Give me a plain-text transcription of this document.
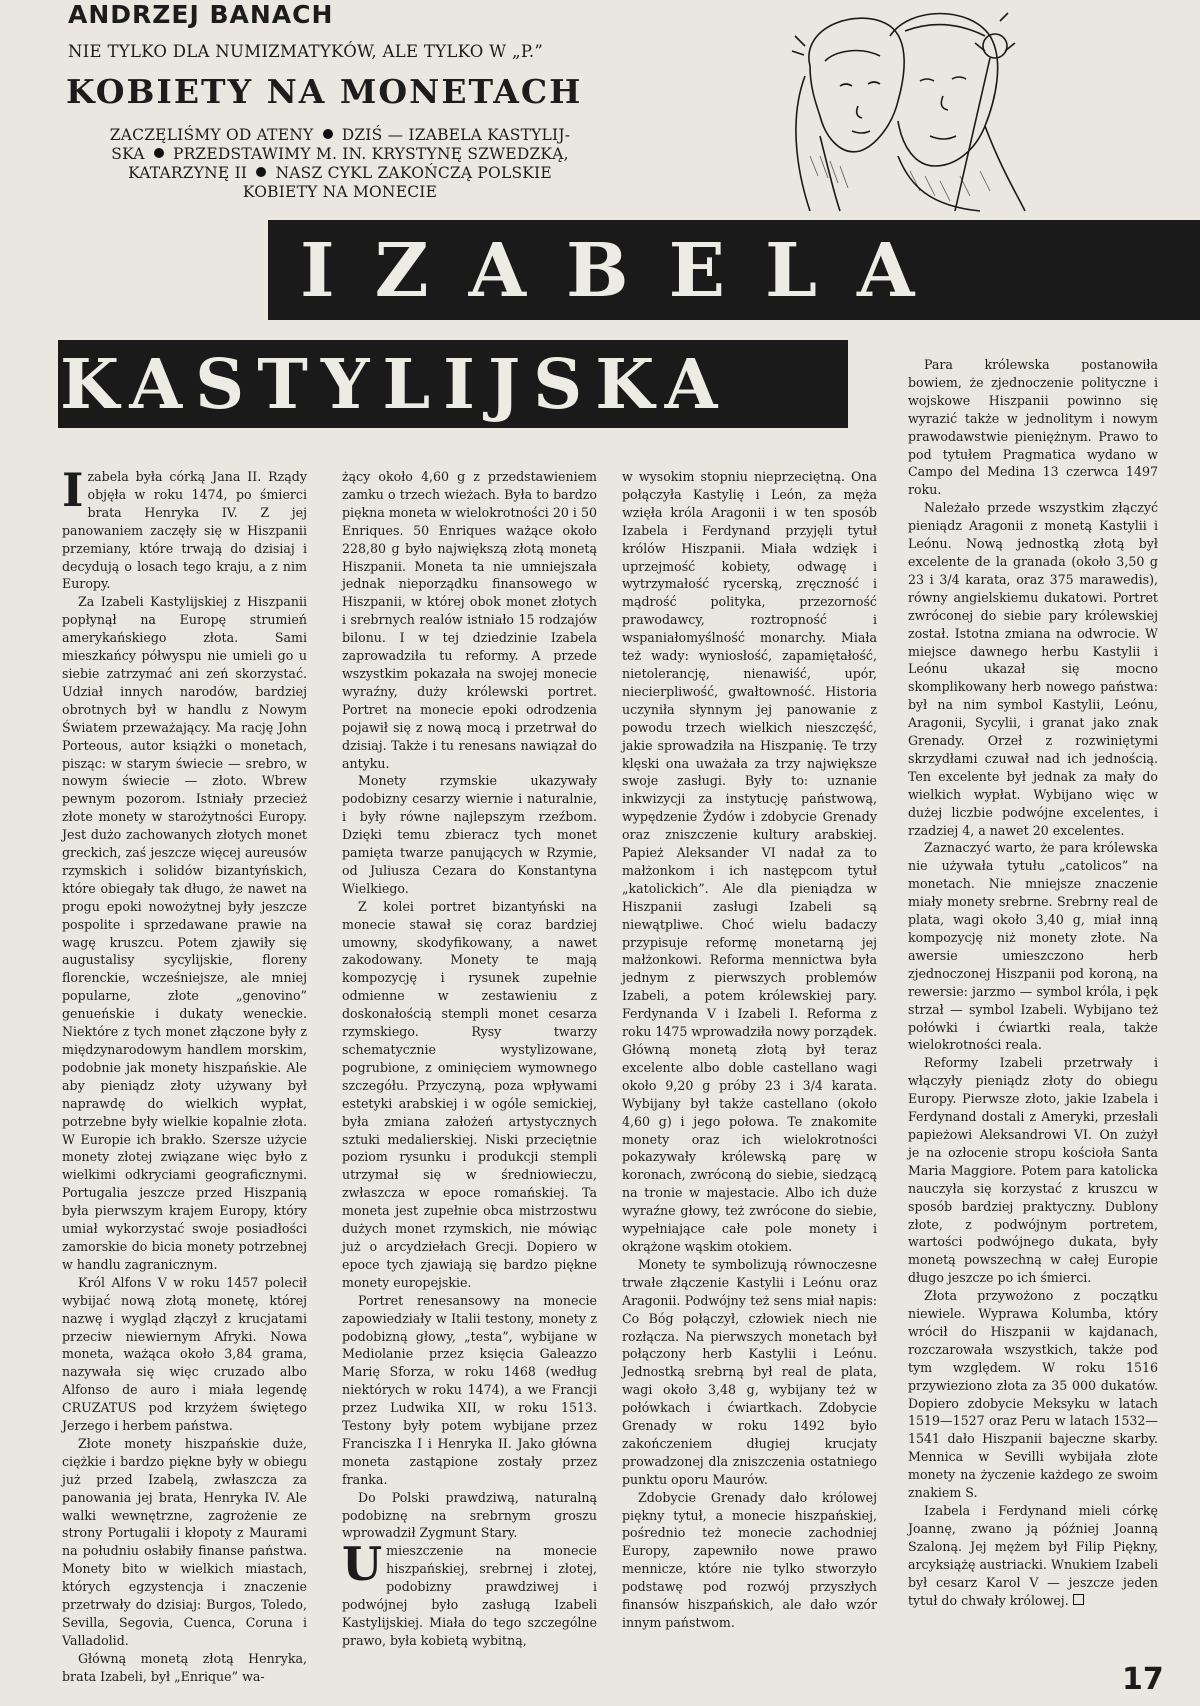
ANDRZEJ BANACH
NIE TYLKO DLA NUMIZMATYKÓW, ALE TYLKO W „P.”
KOBIETY NA MONETACH
ZACZĘLIŚMY OD ATENY DZIŚ — IZABELA KASTYLIJ-
SKA PRZEDSTAWIMY M. IN. KRYSTYNĘ SZWEDZKĄ,
KATARZYNĘ II NASZ CYKL ZAKOŃCZĄ POLSKIE
KOBIETY NA MONECIE
IZABELA
KASTYLIJSKA

Izabela była córką Jana II. Rządy objęła w roku 1474, po śmierci brata Henryka IV. Z jej panowaniem zaczęły się w Hiszpanii przemiany, które trwają do dzisiaj i decydują o losach tego kraju, a z nim Europy.

Za Izabeli Kastylijskiej z Hiszpanii popłynął na Europę strumień amerykańskiego złota. Sami mieszkańcy półwyspu nie umieli go u siebie zatrzymać ani zeń skorzystać. Udział innych narodów, bardziej obrotnych był w handlu z Nowym Światem przeważający. Ma rację John Porteous, autor książki o monetach, pisząc: w starym świecie — srebro, w nowym świecie — złoto. Wbrew pewnym pozorom. Istniały przecież złote monety w starożytności Europy. Jest dużo zachowanych złotych monet greckich, zaś jeszcze więcej aureusów rzymskich i solidów bizantyńskich, które obiegały tak długo, że nawet na progu epoki nowożytnej były jeszcze pospolite i sprzedawane prawie na wagę kruszcu. Potem zjawiły się augustalisy sycylijskie, floreny florenckie, wcześniejsze, ale mniej popularne, złote „genovino” genueńskie i dukaty weneckie. Niektóre z tych monet złączone były z międzynarodowym handlem morskim, podobnie jak monety hiszpańskie. Ale aby pieniądz złoty używany był naprawdę do wielkich wypłat, potrzebne były wielkie kopalnie złota. W Europie ich brakło. Szersze użycie monety złotej związane więc było z wielkimi odkryciami geograficznymi. Portugalia jeszcze przed Hiszpanią była pierwszym krajem Europy, który umiał wykorzystać swoje posiadłości zamorskie do bicia monety potrzebnej w handlu zagranicznym.

Król Alfons V w roku 1457 polecił wybijać nową złotą monetę, której nazwę i wygląd złączył z krucjatami przeciw niewiernym Afryki. Nowa moneta, ważąca około 3,84 grama, nazywała się więc cruzado albo Alfonso de auro i miała legendę CRUZATUS pod krzyżem świętego Jerzego i herbem państwa.

Złote monety hiszpańskie duże, ciężkie i bardzo piękne były w obiegu już przed Izabelą, zwłaszcza za panowania jej brata, Henryka IV. Ale walki wewnętrzne, zagrożenie ze strony Portugalii i kłopoty z Maurami na południu osłabiły finanse państwa. Monety bito w wielkich miastach, których egzystencja i znaczenie przetrwały do dzisiaj: Burgos, Toledo, Sevilla, Segovia, Cuenca, Coruna i Valladolid.

Główną monetą złotą Henryka, brata Izabeli, był „Enrique” wa-

żący około 4,60 g z przedstawieniem zamku o trzech wieżach. Była to bardzo piękna moneta w wielokrotności 20 i 50 Enriques. 50 Enriques ważące około 228,80 g było największą złotą monetą Hiszpanii. Moneta ta nie umniejszała jednak nieporządku finansowego w Hiszpanii, w której obok monet złotych i srebrnych realów istniało 15 rodzajów bilonu. I w tej dziedzinie Izabela zaprowadziła tu reformy. A przede wszystkim pokazała na swojej monecie wyraźny, duży królewski portret. Portret na monecie epoki odrodzenia pojawił się z nową mocą i przetrwał do dzisiaj. Także i tu renesans nawiązał do antyku.

Monety rzymskie ukazywały podobizny cesarzy wiernie i naturalnie, i były równe najlepszym rzeźbom. Dzięki temu zbieracz tych monet pamięta twarze panujących w Rzymie, od Juliusza Cezara do Konstantyna Wielkiego.

Z kolei portret bizantyński na monecie stawał się coraz bardziej umowny, skodyfikowany, a nawet zakodowany. Monety te mają kompozycję i rysunek zupełnie odmienne w zestawieniu z doskonałością stempli monet cesarza rzymskiego. Rysy twarzy schematycznie wystylizowane, pogrubione, z ominięciem wymownego szczegółu. Przyczyną, poza wpływami estetyki arabskiej i w ogóle semickiej, była zmiana założeń artystycznych sztuki medalierskiej. Niski przeciętnie poziom rysunku i produkcji stempli utrzymał się w średniowieczu, zwłaszcza w epoce romańskiej. Ta moneta jest zupełnie obca mistrzostwu dużych monet rzymskich, nie mówiąc już o arcydziełach Grecji. Dopiero w epoce tych zjawiają się bardzo piękne monety europejskie.

Portret renesansowy na monecie zapowiedziały w Italii testony, monety z podobizną głowy, „testa”, wybijane w Mediolanie przez księcia Galeazzo Marię Sforza, w roku 1468 (według niektórych w roku 1474), a we Francji przez Ludwika XII, w roku 1513. Testony były potem wybijane przez Franciszka I i Henryka II. Jako główna moneta zastąpione zostały przez franka.

Do Polski prawdziwą, naturalną podobiznę na srebrnym groszu wprowadził Zygmunt Stary.

Umieszczenie na monecie hiszpańskiej, srebrnej i złotej, podobizny prawdziwej i podwójnej było zasługą Izabeli Kastylijskiej. Miała do tego szczególne prawo, była kobietą wybitną,

w wysokim stopniu nieprzeciętną. Ona połączyła Kastylię i León, za męża wzięła króla Aragonii i w ten sposób Izabela i Ferdynand przyjęli tytuł królów Hiszpanii. Miała wdzięk i uprzejmość kobiety, odwagę i wytrzymałość rycerską, zręczność i mądrość polityka, przezorność prawodawcy, roztropność i wspaniałomyślność monarchy. Miała też wady: wyniosłość, zapamiętałość, nietolerancję, nienawiść, upór, niecierpliwość, gwałtowność. Historia uczyniła słynnym jej panowanie z powodu trzech wielkich nieszczęść, jakie sprowadziła na Hiszpanię. Te trzy klęski ona uważała za trzy największe swoje zasługi. Były to: uznanie inkwizycji za instytucję państwową, wypędzenie Żydów i zdobycie Grenady oraz zniszczenie kultury arabskiej. Papież Aleksander VI nadał za to małżonkom i ich następcom tytuł „katolickich”. Ale dla pieniądza w Hiszpanii zasługi Izabeli są niewątpliwe. Choć wielu badaczy przypisuje reformę monetarną jej małżonkowi. Reforma mennictwa była jednym z pierwszych problemów Izabeli, a potem królewskiej pary. Ferdynanda V i Izabeli I. Reforma z roku 1475 wprowadziła nowy porządek. Główną monetą złotą był teraz excelente albo doble castellano wagi około 9,20 g próby 23 i 3/4 karata. Wybijany był także castellano (około 4,60 g) i jego połowa. Te znakomite monety oraz ich wielokrotności pokazywały królewską parę w koronach, zwróconą do siebie, siedzącą na tronie w majestacie. Albo ich duże wyraźne głowy, też zwrócone do siebie, wypełniające całe pole monety i okrążone wąskim otokiem.

Monety te symbolizują równoczesne trwałe złączenie Kastylii i Leónu oraz Aragonii. Podwójny też sens miał napis: Co Bóg połączył, człowiek niech nie rozłącza. Na pierwszych monetach był połączony herb Kastylii i Leónu. Jednostką srebrną był real de plata, wagi około 3,48 g, wybijany też w połówkach i ćwiartkach. Zdobycie Grenady w roku 1492 było zakończeniem długiej krucjaty prowadzonej dla zniszczenia ostatniego punktu oporu Maurów.

Zdobycie Grenady dało królowej piękny tytuł, a monecie hiszpańskiej, pośrednio też monecie zachodniej Europy, zapewniło nowe prawo mennicze, które nie tylko stworzyło podstawę pod rozwój przyszłych finansów hiszpańskich, ale dało wzór innym państwom.

Para królewska postanowiła bowiem, że zjednoczenie polityczne i wojskowe Hiszpanii powinno się wyrazić także w jednolitym i nowym prawodawstwie pieniężnym. Prawo to pod tytułem Pragmatica wydano w Campo del Medina 13 czerwca 1497 roku.

Należało przede wszystkim złączyć pieniądz Aragonii z monetą Kastylii i Leónu. Nową jednostką złotą był excelente de la granada (około 3,50 g 23 i 3/4 karata, oraz 375 marawedis), równy angielskiemu dukatowi. Portret zwróconej do siebie pary królewskiej został. Istotna zmiana na odwrocie. W miejsce dawnego herbu Kastylii i Leónu ukazał się mocno skomplikowany herb nowego państwa: był na nim symbol Kastylii, Leónu, Aragonii, Sycylii, i granat jako znak Grenady. Orzeł z rozwiniętymi skrzydłami czuwał nad ich jednością. Ten excelente był jednak za mały do wielkich wypłat. Wybijano więc w dużej liczbie podwójne excelentes, i rzadziej 4, a nawet 20 excelentes.

Zaznaczyć warto, że para królewska nie używała tytułu „catolicos” na monetach. Nie mniejsze znaczenie miały monety srebrne. Srebrny real de plata, wagi około 3,40 g, miał inną kompozycję niż monety złote. Na awersie umieszczono herb zjednoczonej Hiszpanii pod koroną, na rewersie: jarzmo — symbol króla, i pęk strzał — symbol Izabeli. Wybijano też połówki i ćwiartki reala, także wielokrotności reala.

Reformy Izabeli przetrwały i włączyły pieniądz złoty do obiegu Europy. Pierwsze złoto, jakie Izabela i Ferdynand dostali z Ameryki, przesłali papieżowi Aleksandrowi VI. On zużył je na ozłocenie stropu kościoła Santa Maria Maggiore. Potem para katolicka nauczyła się korzystać z kruszcu w sposób bardziej praktyczny. Dublony złote, z podwójnym portretem, wartości podwójnego dukata, były monetą powszechną w całej Europie długo jeszcze po ich śmierci.

Złota przywożono z początku niewiele. Wyprawa Kolumba, który wrócił do Hiszpanii w kajdanach, rozczarowała wszystkich, także pod tym względem. W roku 1516 przywieziono złota za 35 000 dukatów. Dopiero zdobycie Meksyku w latach 1519—1527 oraz Peru w latach 1532—1541 dało Hiszpanii bajeczne skarby. Mennica w Sevilli wybijała złote monety na życzenie każdego ze swoim znakiem S.

Izabela i Ferdynand mieli córkę Joannę, zwano ją później Joanną Szaloną. Jej mężem był Filip Piękny, arcyksiążę austriacki. Wnukiem Izabeli był cesarz Karol V — jeszcze jeden tytuł do chwały królowej.

17
